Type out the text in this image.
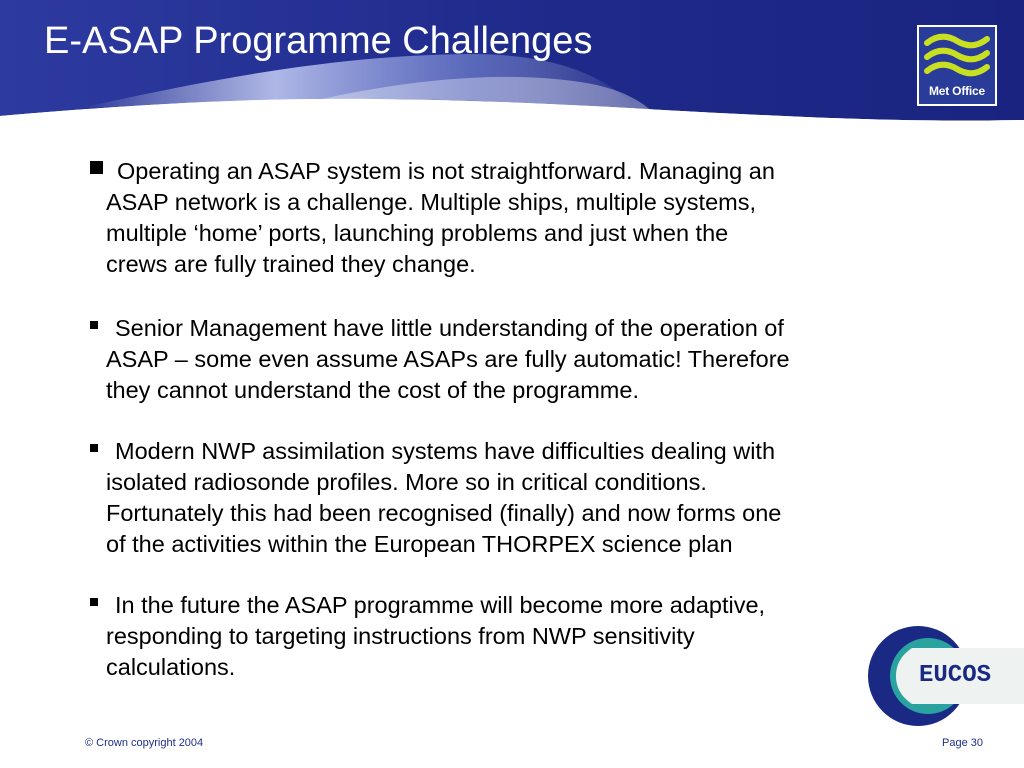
E-ASAP Programme Challenges
Met Office
Operating an ASAP system is not straightforward. Managing an
ASAP network is a challenge. Multiple ships, multiple systems,
multiple ‘home’ ports, launching problems and just when the
crews are fully trained they change.
Senior Management have little understanding of the operation of
ASAP – some even assume ASAPs are fully automatic! Therefore
they cannot understand the cost of the programme.
Modern NWP assimilation systems have difficulties dealing with
isolated radiosonde profiles. More so in critical conditions.
Fortunately this had been recognised (finally) and now forms one
of the activities within the European THORPEX science plan
In the future the ASAP programme will become more adaptive,
responding to targeting instructions from NWP sensitivity
calculations.	EUCOS
© Crown copyright 2004	Page 30
